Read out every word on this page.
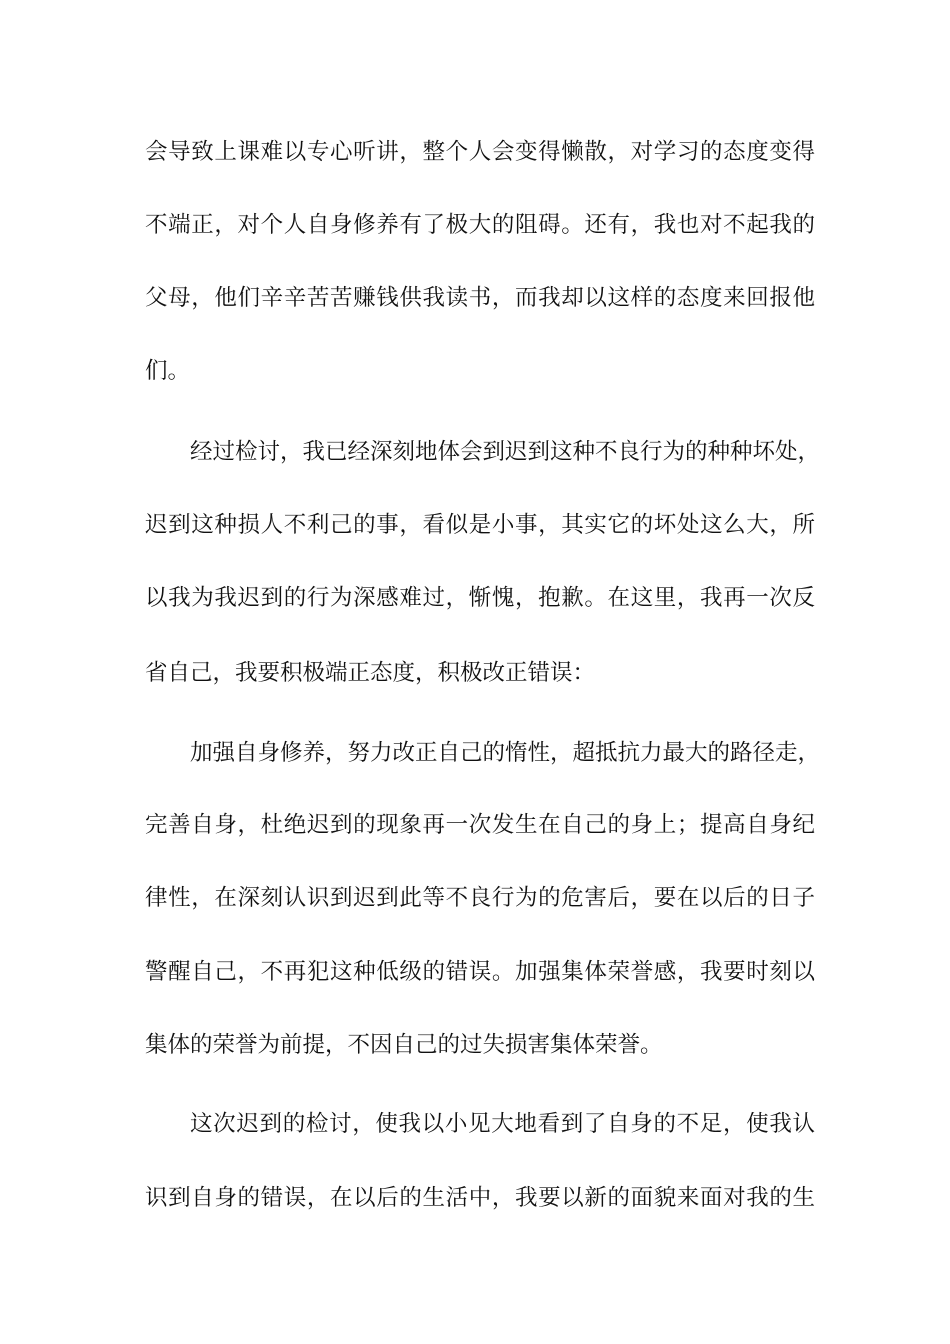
会导致上课难以专心听讲，整个人会变得懒散，对学习的态度变得
不端正，对个人自身修养有了极大的阻碍。还有，我也对不起我的
父母，他们辛辛苦苦赚钱供我读书，而我却以这样的态度来回报他
们。
经过检讨，我已经深刻地体会到迟到这种不良行为的种种坏处，
迟到这种损人不利己的事，看似是小事，其实它的坏处这么大，所
以我为我迟到的行为深感难过，惭愧，抱歉。在这里，我再一次反
省自己，我要积极端正态度，积极改正错误：
加强自身修养，努力改正自己的惰性，超抵抗力最大的路径走，
完善自身，杜绝迟到的现象再一次发生在自己的身上；提高自身纪
律性，在深刻认识到迟到此等不良行为的危害后，要在以后的日子
警醒自己，不再犯这种低级的错误。加强集体荣誉感，我要时刻以
集体的荣誉为前提，不因自己的过失损害集体荣誉。
这次迟到的检讨，使我以小见大地看到了自身的不足，使我认
识到自身的错误，在以后的生活中，我要以新的面貌来面对我的生
